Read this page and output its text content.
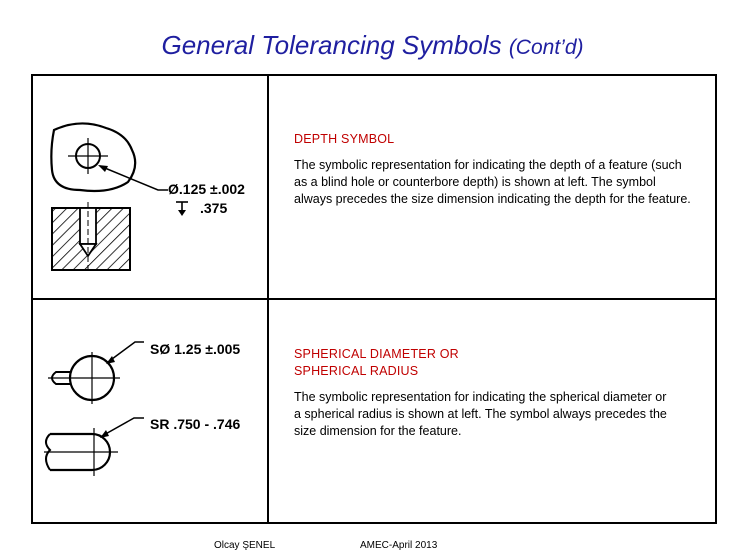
General Tolerancing Symbols (Cont’d)
Ø.125 ±.002
.375
DEPTH SYMBOL
The symbolic representation for indicating the depth of a feature (such as a blind hole or counterbore depth) is shown at left. The symbol always precedes the size dimension indicating the depth for the feature.
SØ 1.25 ±.005
SR .750 - .746
SPHERICAL DIAMETER OR
SPHERICAL RADIUS
The symbolic representation for indicating the spherical diameter or a spherical radius is shown at left. The symbol always precedes the size dimension for the feature.
Olcay ŞENEL	AMEC-April 2013
